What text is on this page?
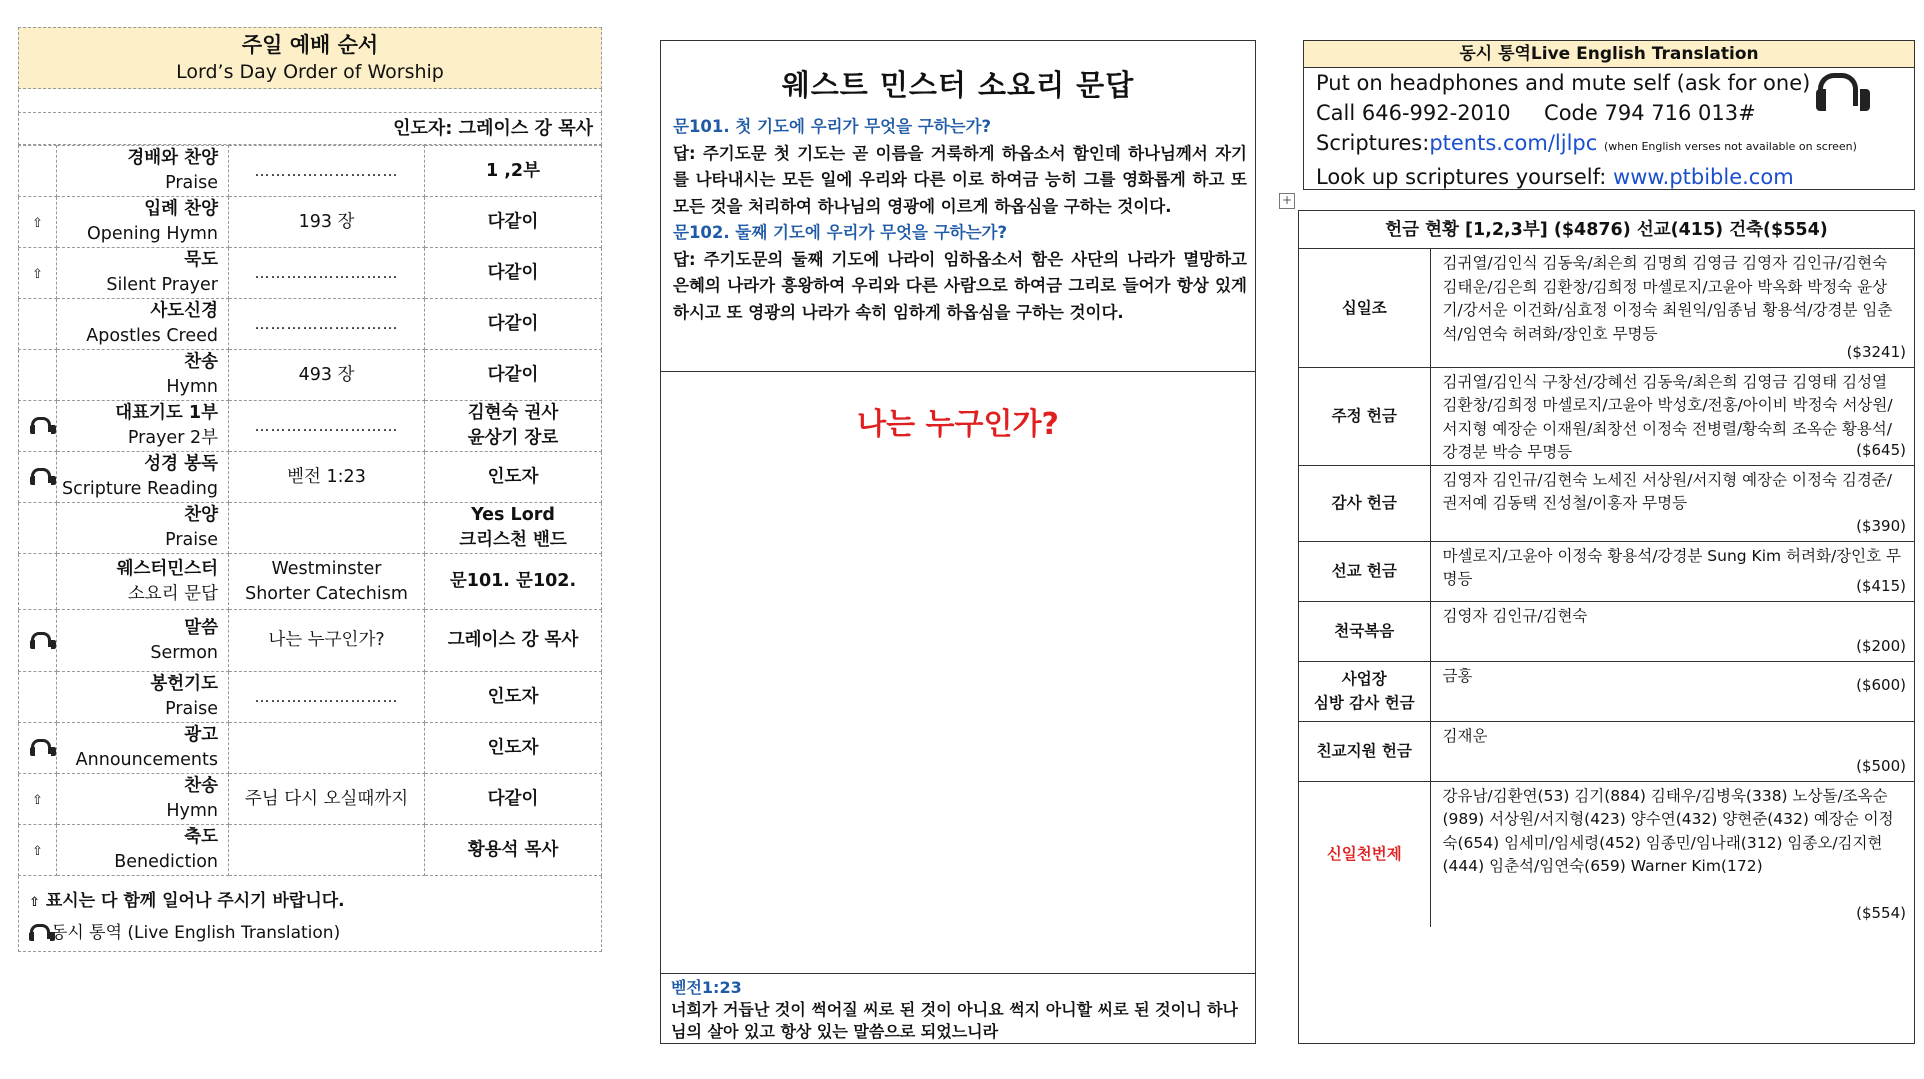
주일 예배 순서
Lord’s Day Order of Worship
인도자: 그레이스 강 목사

	경배와 찬양
Praise	………………………	1 ,2부
⇧	입례 찬양
Opening Hymn	193 장	다같이
⇧	묵도
Silent Prayer	………………………	다같이

	사도신경
Apostles Creed	………………………	다같이

	찬송
Hymn	493 장	다같이

	대표기도 1부
Prayer 2부	………………………	김현숙 권사
윤상기 장로

	성경 봉독
Scripture Reading	벧전 1:23	인도자

	찬양
Praise		Yes Lord
크리스천 밴드

	웨스터민스터
소요리 문답	Westminster
Shorter Catechism	문101. 문102.

	말씀
Sermon	나는 누구인가?	그레이스 강 목사

	봉헌기도
Praise	………………………	인도자

	광고
Announcements		인도자
⇧	찬송
Hymn	주님 다시 오실때까지	다같이
⇧	축도
Benediction		황용석 목사
⇧ 표시는 다 함께 일어나 주시기 바랍니다.
동시 통역 (Live English Translation)
웨스트 민스터 소요리 문답
문101. 첫 기도에 우리가 무엇을 구하는가?
답: 주기도문 첫 기도는 곧 이름을 거룩하게 하옵소서 함인데 하나님께서 자기를 나타내시는 모든 일에 우리와 다른 이로 하여금 능히 그를 영화롭게 하고 또 모든 것을 처리하여 하나님의 영광에 이르게 하옵심을 구하는 것이다.
문102. 둘째 기도에 우리가 무엇을 구하는가?
답: 주기도문의 둘째 기도에 나라이 임하옵소서 함은 사단의 나라가 멸망하고 은혜의 나라가 흥왕하여 우리와 다른 사람으로 하여금 그리로 들어가 항상 있게 하시고 또 영광의 나라가 속히 임하게 하옵심을 구하는 것이다.
나는 누구인가?
벧전1:23
너희가 거듭난 것이 썩어질 씨로 된 것이 아니요 썩지 아니할 씨로 된 것이니 하나님의 살아 있고 항상 있는 말씀으로 되었느니라
동시 통역Live English Translation
Put on headphones and mute self (ask for one)
Call 646-992-2010 Code 794 716 013#
Scriptures:ptents.com/ljlpc (when English verses not available on screen)
Look up scriptures yourself: www.ptbible.com
+
헌금 현황 [1,2,3부] ($4876) 선교(415) 건축($554)
십일조	김귀열/김인식 김동욱/최은희 김명희 김영금 김영자 김인규/김현숙 김태운/김은희 김환창/김희정 마셀로지/고윤아 박옥화 박정숙 윤상기/강서운 이건화/심효정 이정숙 최원익/임종님 황용석/강경분 임춘석/임연숙 허려화/장인호 무명등
($3241)

주정 헌금	김귀열/김인식 구창선/강혜선 김동욱/최은희 김영금 김영태 김성열 김환창/김희정 마셀로지/고윤아 박성호/전홍/아이비 박정숙 서상원/서지형 예장순 이재원/최창선 이정숙 전병렬/황숙희 조옥순 황용석/강경분 박승 무명등 ($645)

감사 헌금	김영자 김인규/김현숙 노세진 서상원/서지형 예장순 이정숙 김경준/권저예 김동택 진성철/이홍자 무명등
($390)

선교 헌금	마셀로지/고윤아 이정숙 황용석/강경분 Sung Kim 허려화/장인호 무명등 ($415)

천국복음	김영자 김인규/김현숙
($200)

사업장
심방 감사 헌금	금홍 ($600)

친교지원 헌금	김재운
($500)

신일천번제	강유남/김환연(53) 김기(884) 김태우/김병욱(338) 노상돌/조옥순(989) 서상원/서지형(423) 양수연(432) 양현준(432) 예장순 이정숙(654) 임세미/임세령(452) 임종민/임나래(312) 임종오/김지현(444) 임춘석/임연숙(659) Warner Kim(172)
($554)
